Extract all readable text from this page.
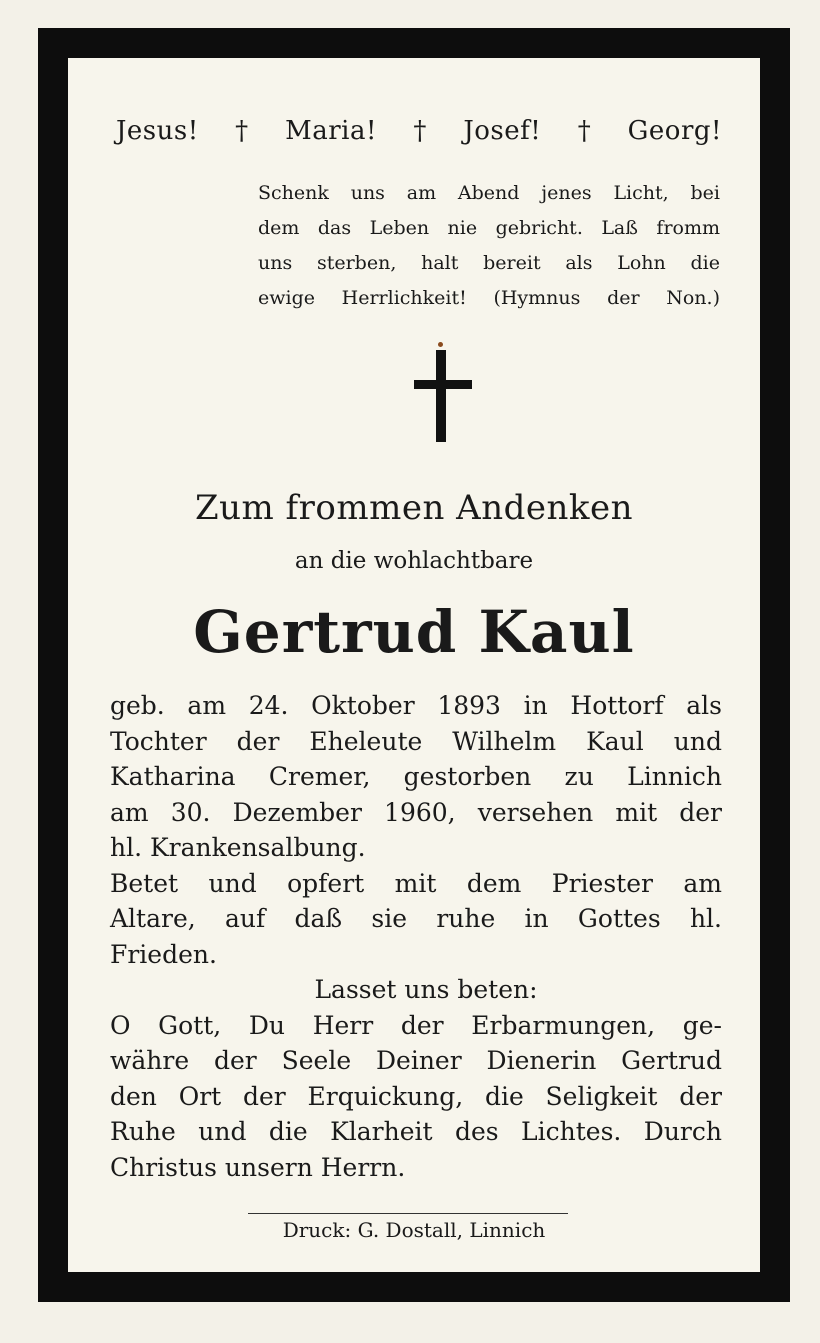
Jesus! † Maria! † Josef! † Georg!

Schenk uns am Abend jenes Licht, bei

dem das Leben nie gebricht. Laß fromm

uns sterben, halt bereit als Lohn die

ewige Herrlichkeit! (Hymnus der Non.)

Zum frommen Andenken
an die wohlachtbare
Gertrud Kaul
geb. am 24. Oktober 1893 in Hottorf als
Tochter der Eheleute Wilhelm Kaul und
Katharina Cremer, gestorben zu Linnich
am 30. Dezember 1960, versehen mit der
hl. Krankensalbung.
Betet und opfert mit dem Priester am
Altare, auf daß sie ruhe in Gottes hl.
Frieden.
Lasset uns beten:
O Gott, Du Herr der Erbarmungen, ge-
währe der Seele Deiner Dienerin Gertrud
den Ort der Erquickung, die Seligkeit der
Ruhe und die Klarheit des Lichtes. Durch
Christus unsern Herrn.
Druck: G. Dostall, Linnich
